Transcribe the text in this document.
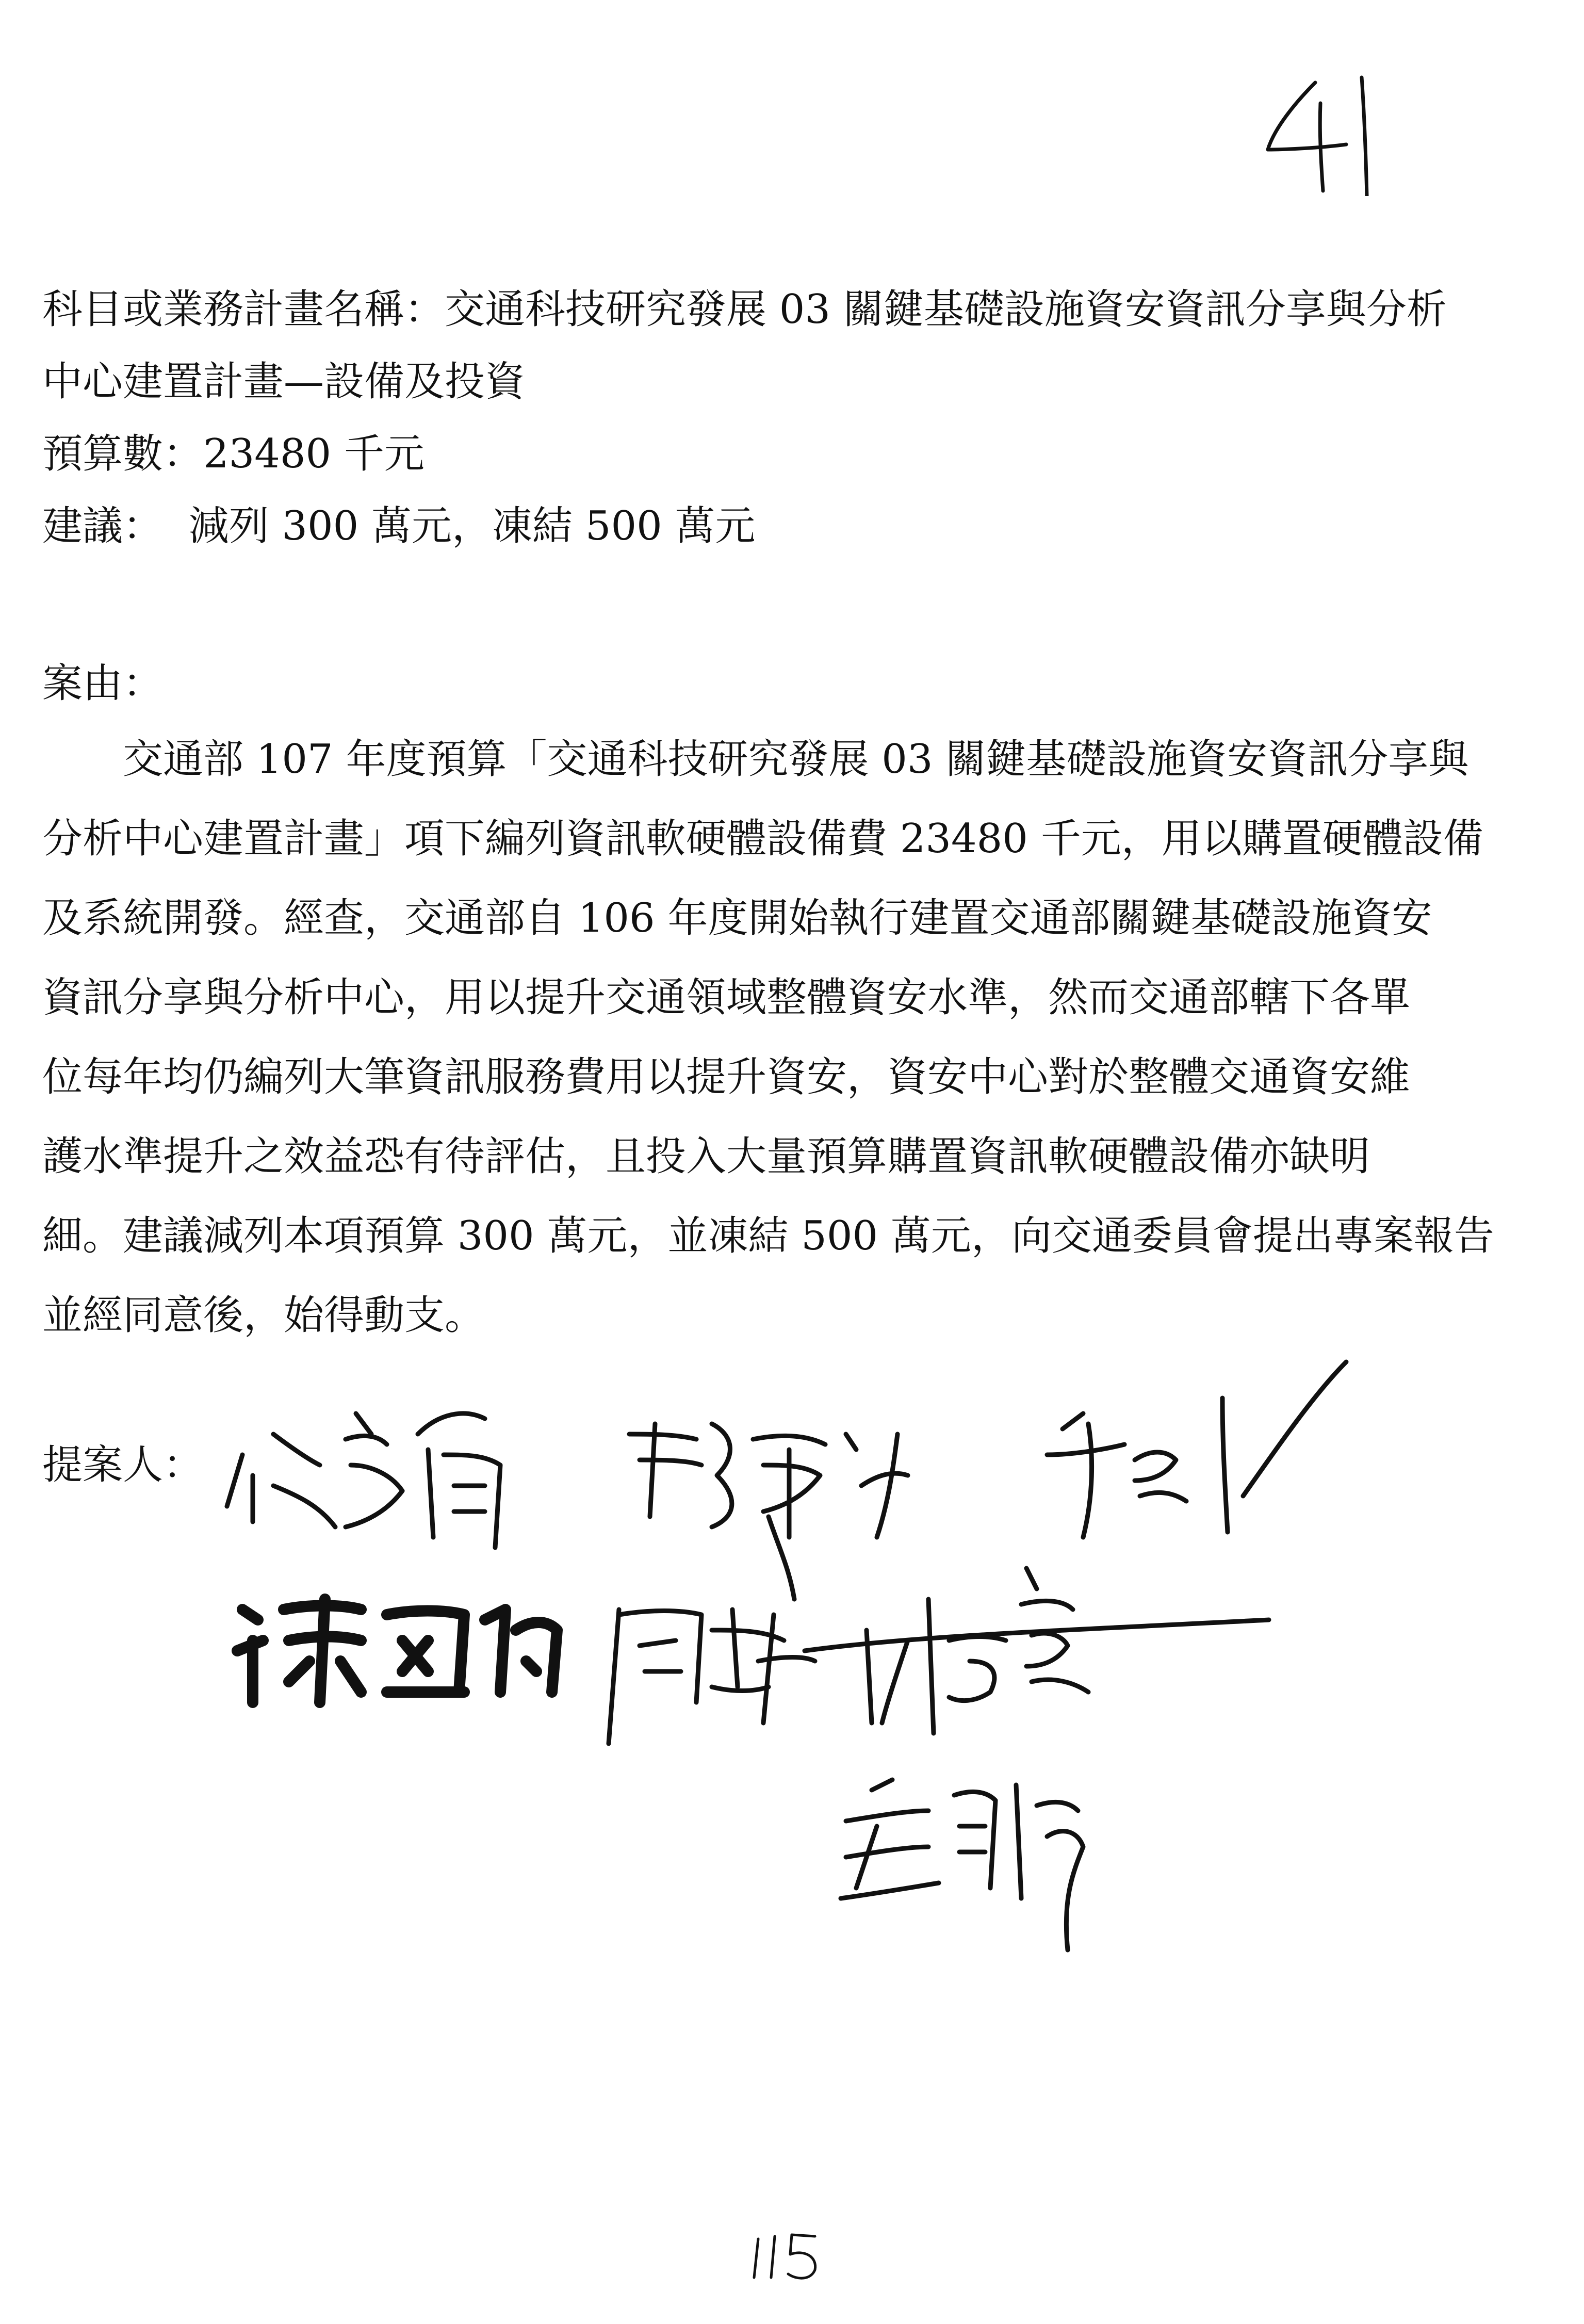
科目或業務計畫名稱：交通科技研究發展 03 關鍵基礎設施資安資訊分享與分析

中心建置計畫—設備及投資

預算數：23480 千元

建議：  減列 300 萬元，凍結 500 萬元

案由：

交通部 107 年度預算「交通科技研究發展 03 關鍵基礎設施資安資訊分享與

分析中心建置計畫」項下編列資訊軟硬體設備費 23480 千元，用以購置硬體設備

及系統開發。經查，交通部自 106 年度開始執行建置交通部關鍵基礎設施資安

資訊分享與分析中心，用以提升交通領域整體資安水準，然而交通部轄下各單

位每年均仍編列大筆資訊服務費用以提升資安，資安中心對於整體交通資安維

護水準提升之效益恐有待評估，且投入大量預算購置資訊軟硬體設備亦缺明

細。建議減列本項預算 300 萬元，並凍結 500 萬元，向交通委員會提出專案報告

並經同意後，始得動支。

提案人：
